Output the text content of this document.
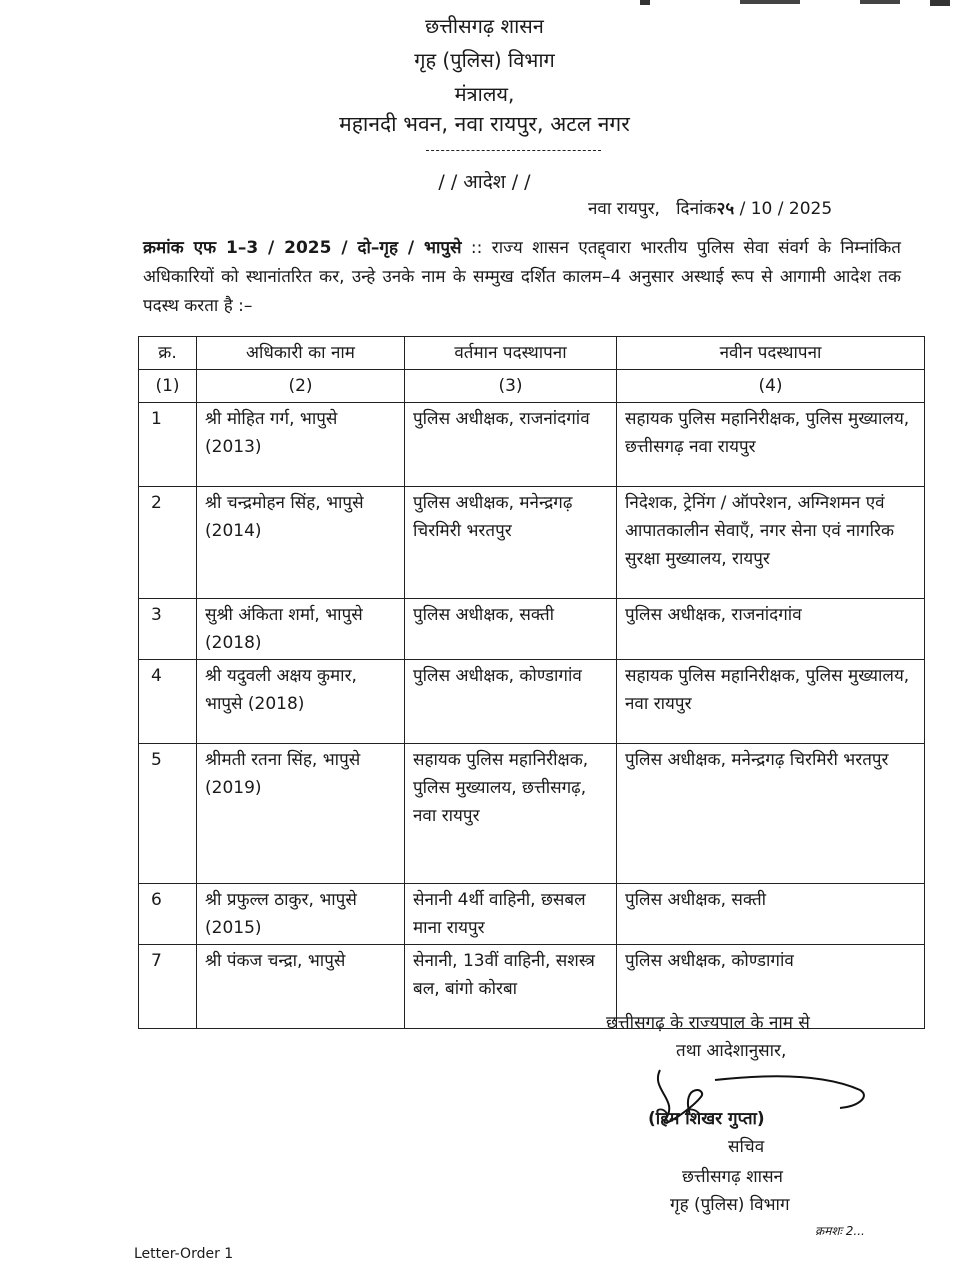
छत्तीसगढ़ शासन
गृह (पुलिस) विभाग
मंत्रालय,
महानदी भवन, नवा रायपुर, अटल नगर
/ / आदेश / /
नवा रायपुर, दिनांक२५ / 10 / 2025
क्रमांक एफ 1–3 / 2025 / दो–गृह / भापुसे :: राज्य शासन एतद्द्वारा भारतीय पुलिस सेवा संवर्ग के निम्नांकित अधिकारियों को स्थानांतरित कर, उन्हे उनके नाम के सम्मुख दर्शित कालम–4 अनुसार अस्थाई रूप से आगामी आदेश तक पदस्थ करता है :–
क्र.	अधिकारी का नाम	वर्तमान पदस्थापना	नवीन पदस्थापना
(1)	(2)	(3)	(4)
1	श्री मोहित गर्ग, भापुसे (2013)	पुलिस अधीक्षक, राजनांदगांव	सहायक पुलिस महानिरीक्षक, पुलिस मुख्यालय, छत्तीसगढ़ नवा रायपुर
2	श्री चन्द्रमोहन सिंह, भापुसे (2014)	पुलिस अधीक्षक, मनेन्द्रगढ़ चिरमिरी भरतपुर	निदेशक, ट्रेनिंग / ऑपरेशन, अग्निशमन एवं आपातकालीन सेवाएँ, नगर सेना एवं नागरिक सुरक्षा मुख्यालय, रायपुर
3	सुश्री अंकिता शर्मा, भापुसे (2018)	पुलिस अधीक्षक, सक्ती	पुलिस अधीक्षक, राजनांदगांव
4	श्री यदुवली अक्षय कुमार, भापुसे (2018)	पुलिस अधीक्षक, कोण्डागांव	सहायक पुलिस महानिरीक्षक, पुलिस मुख्यालय, नवा रायपुर
5	श्रीमती रतना सिंह, भापुसे (2019)	सहायक पुलिस महानिरीक्षक, पुलिस मुख्यालय, छत्तीसगढ़, नवा रायपुर	पुलिस अधीक्षक, मनेन्द्रगढ़ चिरमिरी भरतपुर
6	श्री प्रफुल्ल ठाकुर, भापुसे (2015)	सेनानी 4र्थी वाहिनी, छसबल माना रायपुर	पुलिस अधीक्षक, सक्ती
7	श्री पंकज चन्द्रा, भापुसे	सेनानी, 13वीं वाहिनी, सशस्त्र बल, बांगो कोरबा	पुलिस अधीक्षक, कोण्डागांव
छत्तीसगढ़ के राज्यपाल के नाम से
तथा आदेशानुसार,
(हिम शिखर गुप्ता)
सचिव
छत्तीसगढ़ शासन
गृह (पुलिस) विभाग
क्रमशः 2...
Letter-Order 1
